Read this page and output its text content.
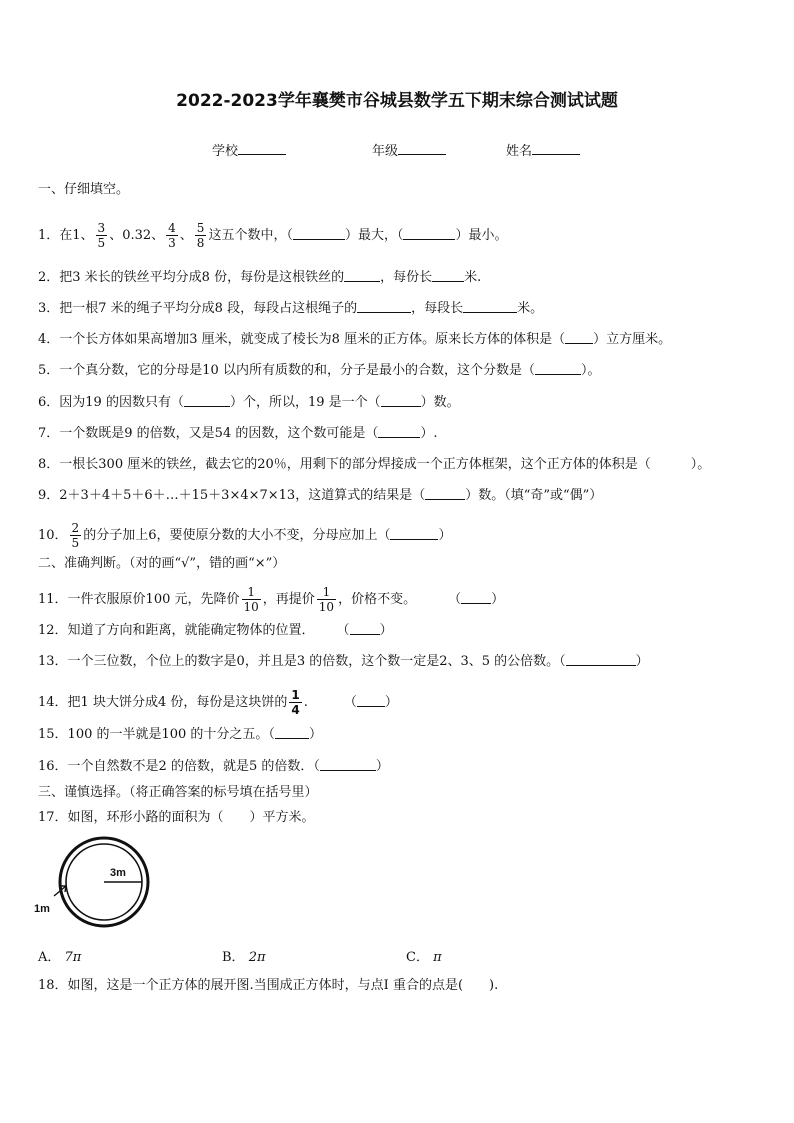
2022-2023学年襄樊市谷城县数学五下期末综合测试试题
学校	年级	姓名
一、仔细填空。
1．在1、 $\frac{3}{5}$ 、0.32、 $\frac{4}{3}$ 、 $\frac{5}{8}$ 这五个数中，（	）最大，（	）最小。
2．把3 米长的铁丝平均分成8 份，每份是这根铁丝的	，每份长 米.
3．把一根7 米的绳子平均分成8 段，每段占这根绳子的	，每段长	米。
4．一个长方体如果高增加3 厘米，就变成了棱长为8 厘米的正方体。原来长方体的体积是（ ）立方厘米。
5．一个真分数，它的分母是10 以内所有质数的和，分子是最小的合数，这个分数是（	）。
6．因为19 的因数只有（	）个，所以，19 是一个（	）数。
7．一个数既是9 的倍数，又是54 的因数，这个数可能是（	）.
8．一根长300 厘米的铁丝，截去它的20％，用剩下的部分焊接成一个正方体框架，这个正方体的体积是（	）。
9．2＋3＋4＋5＋6＋…＋15＋3×4×7×13，这道算式的结果是（	）数。（填“奇”或“偶”）
10． $\frac{2}{5}$ 的分子加上6，要使原分数的大小不变，分母应加上（	）
二、准确判断。（对的画“√”，错的画“×”）
11．一件衣服原价100 元，先降价 $\frac{1}{10}$ ，再提价 $\frac{1}{10}$ ，价格不变。 （ ）
12．知道了方向和距离，就能确定物体的位置． （ ）
13．一个三位数，个位上的数字是0，并且是3 的倍数，这个数一定是2、3、5 的公倍数。（	）
14．把1 块大饼分成4 份，每份是这块饼的 $\frac{1}{4}$ .	（ ）
15．100 的一半就是100 的十分之五。（	）
16．一个自然数不是2 的倍数，就是5 的倍数．（	）
三、谨慎选择。（将正确答案的标号填在括号里）
17．如图，环形小路的面积为（　　）平方米。
3m
1m
A． 7π	B． 2π	C． π
18．如图，这是一个正方体的展开图.当围成正方体时，与点I 重合的点是(　　).
